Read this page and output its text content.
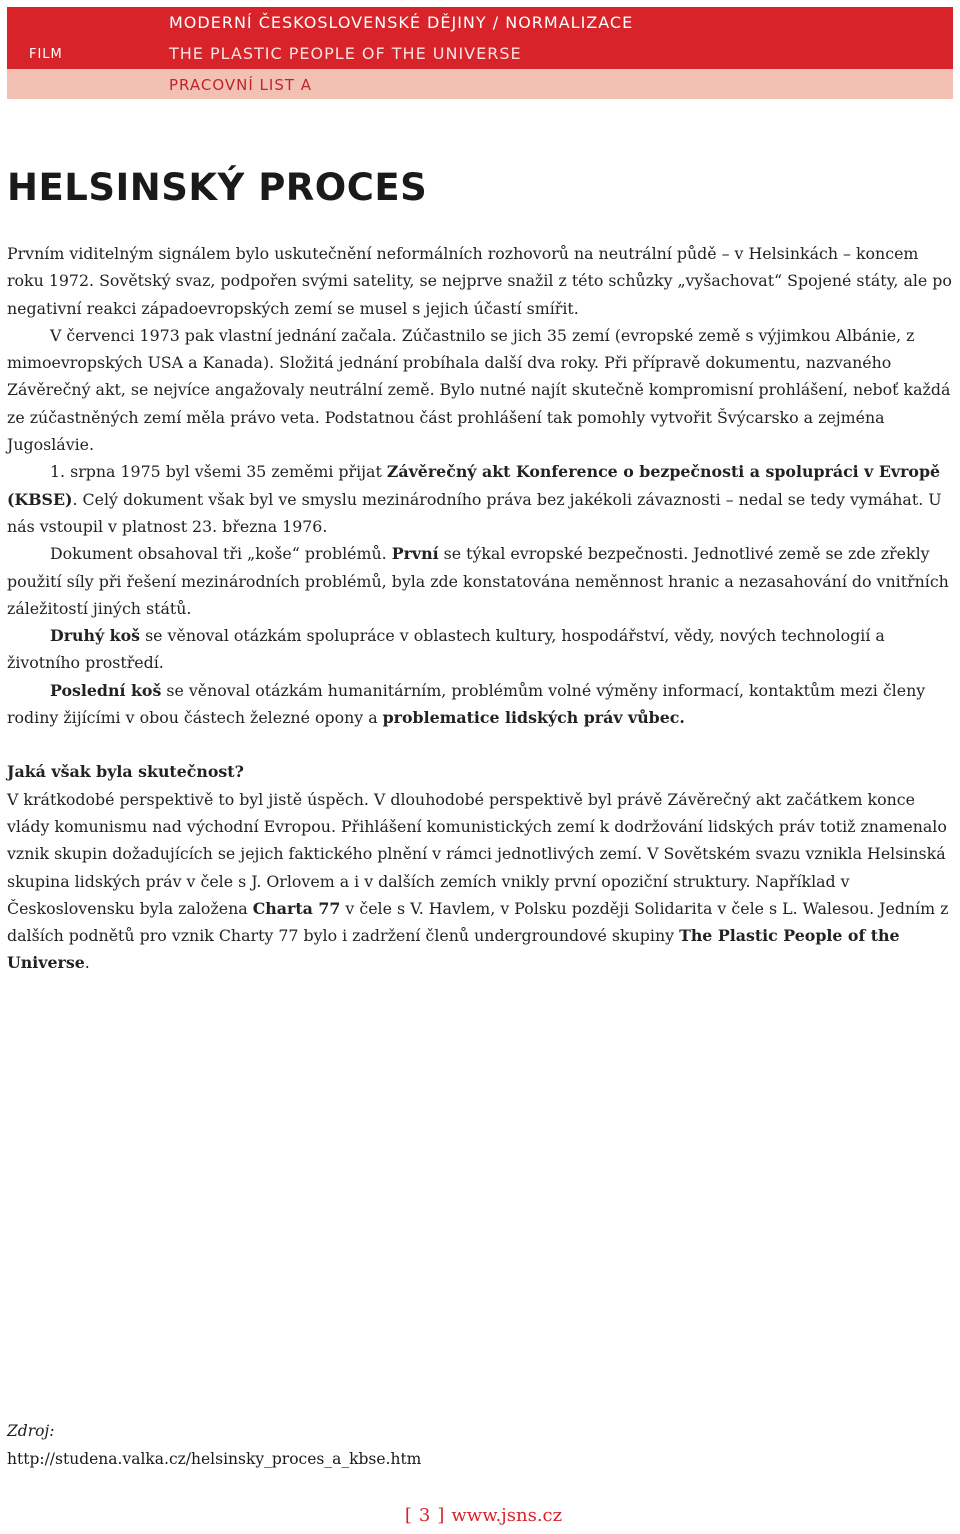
FILM
MODERNÍ ČESKOSLOVENSKÉ DĚJINY / NORMALIZACE
THE PLASTIC PEOPLE OF THE UNIVERSE
PRACOVNÍ LIST A
HELSINSKÝ PROCES

Prvním viditelným signálem bylo uskutečnění neformálních rozhovorů na neutrální půdě – v Helsinkách – koncem roku 1972. Sovětský svaz, podpořen svými satelity, se nejprve snažil z této schůzky „vyšachovat“ Spojené státy, ale po negativní reakci západoevropských zemí se musel s jejich účastí smířit.

V červenci 1973 pak vlastní jednání začala. Zúčastnilo se jich 35 zemí (evropské země s výjimkou Albánie, z mimoevropských USA a Kanada). Složitá jednání probíhala další dva roky. Při přípravě dokumentu, nazvaného Závěrečný akt, se nejvíce angažovaly neutrální země. Bylo nutné najít skutečně kompromisní prohlášení, neboť každá ze zúčastněných zemí měla právo veta. Podstatnou část prohlášení tak pomohly vytvořit Švýcarsko a zejména Jugoslávie.

1. srpna 1975 byl všemi 35 zeměmi přijat Závěrečný akt Konference o bezpečnosti a spolupráci v Evropě (KBSE). Celý dokument však byl ve smyslu mezinárodního práva bez jakékoli závaznosti – nedal se tedy vymáhat. U nás vstoupil v platnost 23. března 1976.

Dokument obsahoval tři „koše“ problémů. První se týkal evropské bezpečnosti. Jednotlivé země se zde zřekly použití síly při řešení mezinárodních problémů, byla zde konstatována neměnnost hranic a nezasahování do vnitřních záležitostí jiných států.

Druhý koš se věnoval otázkám spolupráce v oblastech kultury, hospodářství, vědy, nových technologií a životního prostředí.

Poslední koš se věnoval otázkám humanitárním, problémům volné výměny informací, kontaktům mezi členy rodiny žijícími v obou částech železné opony a problematice lidských práv vůbec.

Jaká však byla skutečnost?

V krátkodobé perspektivě to byl jistě úspěch. V dlouhodobé perspektivě byl právě Závěrečný akt začátkem konce vlády komunismu nad východní Evropou. Přihlášení komunistických zemí k dodržování lidských práv totiž znamenalo vznik skupin dožadujících se jejich faktického plnění v rámci jednotlivých zemí. V Sovětském svazu vznikla Helsinská skupina lidských práv v čele s J. Orlovem a i v dalších zemích vnikly první opoziční struktury. Například v Československu byla založena Charta 77 v čele s V. Havlem, v Polsku později Solidarita v čele s L. Walesou. Jedním z dalších podnětů pro vznik Charty 77 bylo i zadržení členů undergroundové skupiny The Plastic People of the Universe.

Zdroj:
http://studena.valka.cz/helsinsky_proces_a_kbse.htm
[ 3 ] www.jsns.cz
